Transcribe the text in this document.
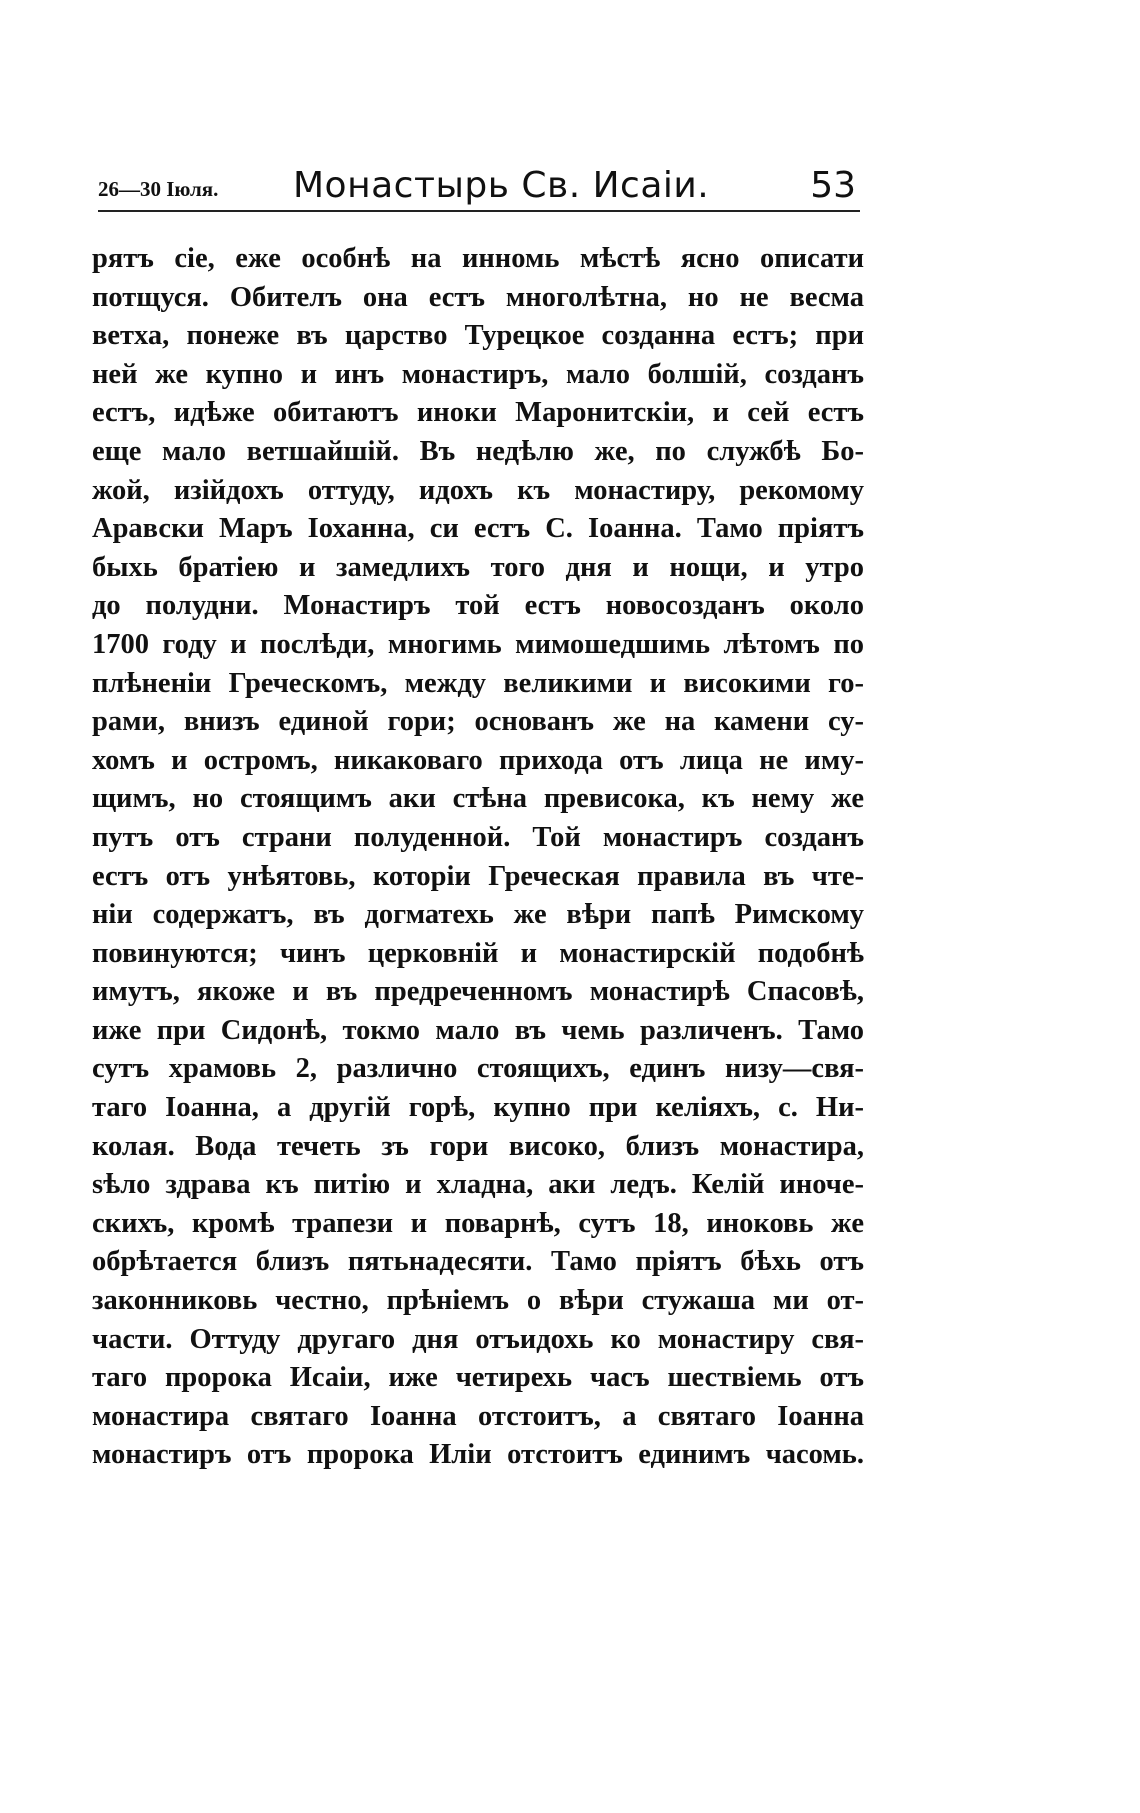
26—30 Іюля. Монастырь Св. Исаіи.	53
рятъ сіе, еже особнѣ на инномь мѣстѣ ясно описати
потщуся. Обителъ она естъ многолѣтна, но не весма
ветха, понеже въ царство Турецкое созданна естъ; при
ней же купно и инъ монастиръ, мало болшій, созданъ
естъ, идѣже обитаютъ иноки Маронитскіи, и сей естъ
еще мало ветшайшій. Въ недѣлю же, по службѣ Бо-
жой, изійдохъ оттуду, идохъ къ монастиру, рекомому
Аравски Маръ Іоханна, си естъ С. Іоанна. Тамо пріятъ
быхь братіею и замедлихъ того дня и нощи, и утро
до полудни. Монастиръ той естъ новосозданъ около
1700 году и послѣди, многимь мимошедшимь лѣтомъ по
плѣненіи Греческомъ, между великими и високими го-
рами, внизъ единой гори; основанъ же на камени су-
хомъ и остромъ, никаковаго прихода отъ лица не иму-
щимъ, но стоящимъ аки стѣна превисока, къ нему же
путъ отъ страни полуденной. Той монастиръ созданъ
естъ отъ унѣятовь, которіи Греческая правила въ чте-
ніи содержатъ, въ догматехь же вѣри папѣ Римскому
повинуются; чинъ церковній и монастирскій подобнѣ
имутъ, якоже и въ предреченномъ монастирѣ Спасовѣ,
иже при Сидонѣ, токмо мало въ чемь различенъ. Тамо
сутъ храмовь 2, различно стоящихъ, единъ низу—свя-
таго Іоанна, а другій горѣ, купно при келіяхъ, с. Ни-
колая. Вода течеть зъ гори високо, близъ монастира,
ѕѣло здрава къ питію и хладна, аки ледъ. Келій иноче-
скихъ, кромѣ трапези и поварнѣ, сутъ 18, иноковь же
обрѣтается близъ пятьнадесяти. Тамо пріятъ бѣхь отъ
законниковь честно, прѣніемъ о вѣри стужаша ми от-
части. Оттуду другаго дня отъидохь ко монастиру свя-
таго пророка Исаіи, иже четирехь часъ шествіемь отъ
монастира святаго Іоанна отстоитъ, а святаго Іоанна
монастиръ отъ пророка Иліи отстоитъ единимъ часомь.
